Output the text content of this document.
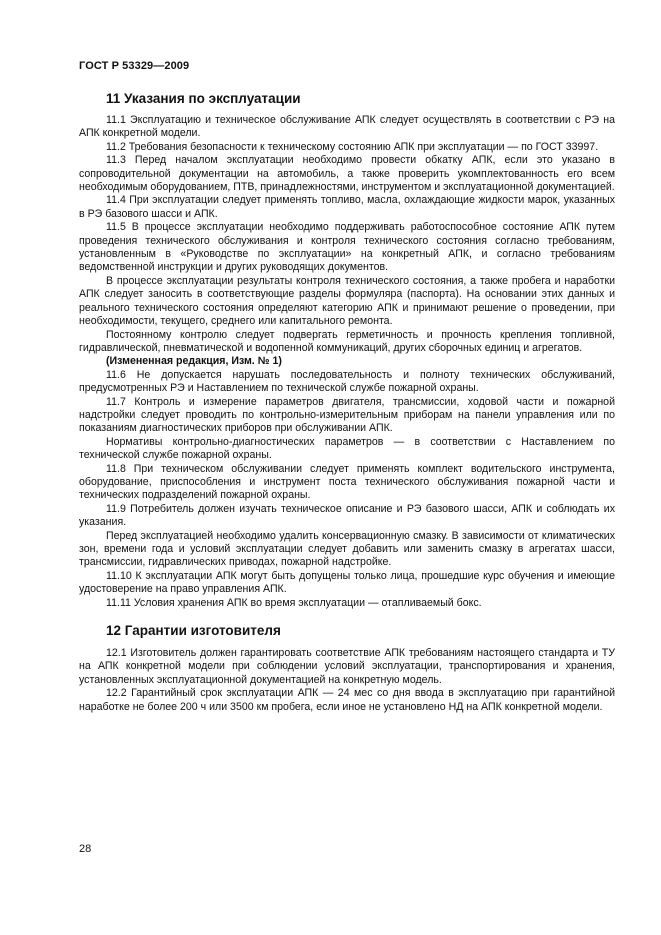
ГОСТ Р 53329—2009
11 Указания по эксплуатации

11.1 Эксплуатацию и техническое обслуживание АПК следует осуществлять в соответствии с РЭ на АПК конкретной модели.

11.2 Требования безопасности к техническому состоянию АПК при эксплуатации — по ГОСТ 33997.

11.3 Перед началом эксплуатации необходимо провести обкатку АПК, если это указано в сопроводительной документации на автомобиль, а также проверить укомплектованность его всем необходимым оборудованием, ПТВ, принадлежностями, инструментом и эксплуатационной документацией.

11.4 При эксплуатации следует применять топливо, масла, охлаждающие жидкости марок, указанных в РЭ базового шасси и АПК.

11.5 В процессе эксплуатации необходимо поддерживать работоспособное состояние АПК путем проведения технического обслуживания и контроля технического состояния согласно требованиям, установленным в «Руководстве по эксплуатации» на конкретный АПК, и согласно требованиям ведомственной инструкции и других руководящих документов.

В процессе эксплуатации результаты контроля технического состояния, а также пробега и наработки АПК следует заносить в соответствующие разделы формуляра (паспорта). На основании этих данных и реального технического состояния определяют категорию АПК и принимают решение о проведении, при необходимости, текущего, среднего или капитального ремонта.

Постоянному контролю следует подвергать герметичность и прочность крепления топливной, гидравлической, пневматической и водопенной коммуникаций, других сборочных единиц и агрегатов.

(Измененная редакция, Изм. № 1)

11.6 Не допускается нарушать последовательность и полноту технических обслуживаний, предусмотренных РЭ и Наставлением по технической службе пожарной охраны.

11.7 Контроль и измерение параметров двигателя, трансмиссии, ходовой части и пожарной надстройки следует проводить по контрольно-измерительным приборам на панели управления или по показаниям диагностических приборов при обслуживании АПК.

Нормативы контрольно-диагностических параметров — в соответствии с Наставлением по технической службе пожарной охраны.

11.8 При техническом обслуживании следует применять комплект водительского инструмента, оборудование, приспособления и инструмент поста технического обслуживания пожарной части и технических подразделений пожарной охраны.

11.9 Потребитель должен изучать техническое описание и РЭ базового шасси, АПК и соблюдать их указания.

Перед эксплуатацией необходимо удалить консервационную смазку. В зависимости от климатических зон, времени года и условий эксплуатации следует добавить или заменить смазку в агрегатах шасси, трансмиссии, гидравлических приводах, пожарной надстройке.

11.10 К эксплуатации АПК могут быть допущены только лица, прошедшие курс обучения и имеющие удостоверение на право управления АПК.

11.11 Условия хранения АПК во время эксплуатации — отапливаемый бокс.

12 Гарантии изготовителя

12.1 Изготовитель должен гарантировать соответствие АПК требованиям настоящего стандарта и ТУ на АПК конкретной модели при соблюдении условий эксплуатации, транспортирования и хранения, установленных эксплуатационной документацией на конкретную модель.

12.2 Гарантийный срок эксплуатации АПК — 24 мес со дня ввода в эксплуатацию при гарантийной наработке не более 200 ч или 3500 км пробега, если иное не установлено НД на АПК конкретной модели.

28
